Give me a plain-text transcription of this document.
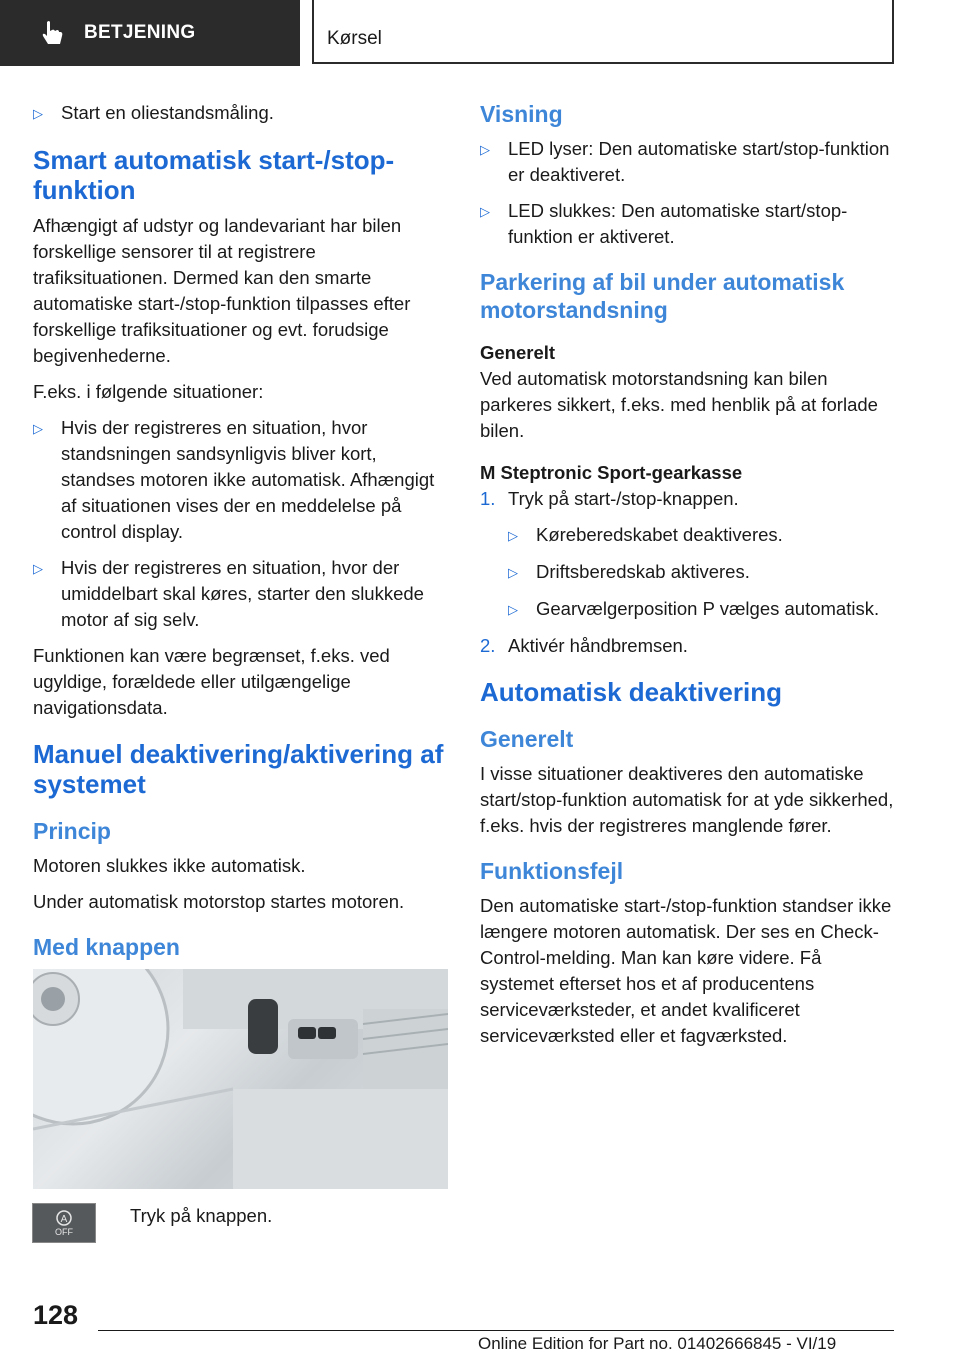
BETJENING	Kørsel
▷ Start en oliestandsmåling.
Smart automatisk start-/stop-funktion

Afhængigt af udstyr og landevariant har bilen forskellige sensorer til at registrere trafiksituationen. Dermed kan den smarte automatiske start-/stop-funktion tilpasses efter forskellige trafiksituationer og evt. forudsige begivenhederne.

F.eks. i følgende situationer:

▷ Hvis der registreres en situation, hvor standsningen sandsynligvis bliver kort, standses motoren ikke automatisk. Afhængigt af situationen vises der en meddelelse på control display.
▷ Hvis der registreres en situation, hvor der umiddelbart skal køres, starter den slukkede motor af sig selv.

Funktionen kan være begrænset, f.eks. ved ugyldige, forældede eller utilgængelige navigationsdata.

Manuel deaktivering/aktivering af systemet
Princip

Motoren slukkes ikke automatisk.

Under automatisk motorstop startes motoren.

Med knappen
A
OFF

Tryk på knappen.

Visning
▷ LED lyser: Den automatiske start/stop-funktion er deaktiveret.
▷ LED slukkes: Den automatiske start/stop-funktion er aktiveret.
Parkering af bil under automatisk motorstandsning
Generelt

Ved automatisk motorstandsning kan bilen parkeres sikkert, f.eks. med henblik på at forlade bilen.

M Steptronic Sport-gearkasse
1. Tryk på start-/stop-knappen.
▷ Køreberedskabet deaktiveres.
▷ Driftsberedskab aktiveres.
▷ Gearvælgerposition P vælges automatisk.
2. Aktivér håndbremsen.
Automatisk deaktivering
Generelt

I visse situationer deaktiveres den automatiske start/stop-funktion automatisk for at yde sikkerhed, f.eks. hvis der registreres manglende fører.

Funktionsfejl

Den automatiske start-/stop-funktion standser ikke længere motoren automatisk. Der ses en Check-Control-melding. Man kan køre videre. Få systemet efterset hos et af producentens serviceværksteder, et andet kvalificeret serviceværksted eller et fagværksted.

128
Online Edition for Part no. 01402666845 - VI/19
